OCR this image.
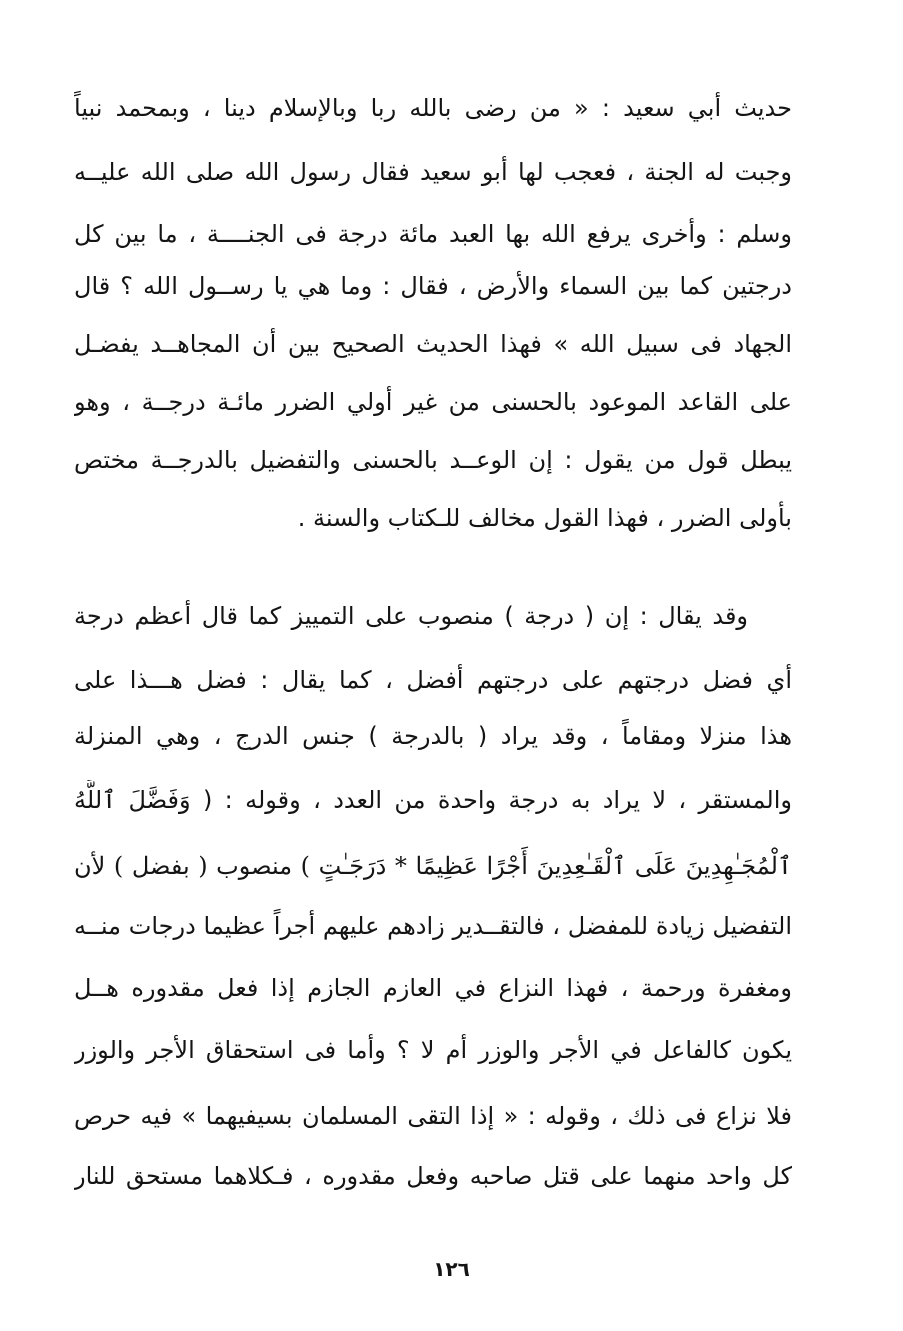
حديث أبي سعيد : « من رضى بالله ربا وبالإسلام دينا ، وبمحمد نبياً
وجبت له الجنة ، فعجب لها أبو سعيد فقال رسول الله صلى الله عليــه
وسلم : وأخرى يرفع الله بها العبد مائة درجة فى الجنــــة ، ما بين كل
درجتين كما بين السماء والأرض ، فقال : وما هي يا رســول الله ؟ قال
الجهاد فى سبيل الله » فهذا الحديث الصحيح بين أن المجاهــد يفضـل
على القاعد الموعود بالحسنى من غير أولي الضرر مائـة درجــة ، وهو
يبطل قول من يقول : إن الوعــد بالحسنى والتفضيل بالدرجــة مختص
بأولى الضرر ، فهذا القول مخالف للـكتاب والسنة .
وقد يقال : إن ( درجة ) منصوب على التمييز كما قال أعظم درجة
أي فضل درجتهم على درجتهم أفضل ، كما يقال : فضل هـــذا على
هذا منزلا ومقاماً ، وقد يراد ( بالدرجة ) جنس الدرج ، وهي المنزلة
والمستقر ، لا يراد به درجة واحدة من العدد ، وقوله : ( وَفَضَّلَ ٱللَّهُ
ٱلْمُجَـٰهِدِينَ عَلَى ٱلْقَـٰعِدِينَ أَجْرًا عَظِيمًا * دَرَجَـٰتٍ ) منصوب ( بفضل ) لأن
التفضيل زيادة للمفضل ، فالتقــدير زادهم عليهم أجراً عظيما درجات منــه
ومغفرة ورحمة ، فهذا النزاع في العازم الجازم إذا فعل مقدوره هــل
يكون كالفاعل في الأجر والوزر أم لا ؟ وأما فى استحقاق الأجر والوزر
فلا نزاع فى ذلك ، وقوله : « إذا التقى المسلمان بسيفيهما » فيه حرص
كل واحد منهما على قتل صاحبه وفعل مقدوره ، فـكلاهما مستحق للنار
١٢٦
